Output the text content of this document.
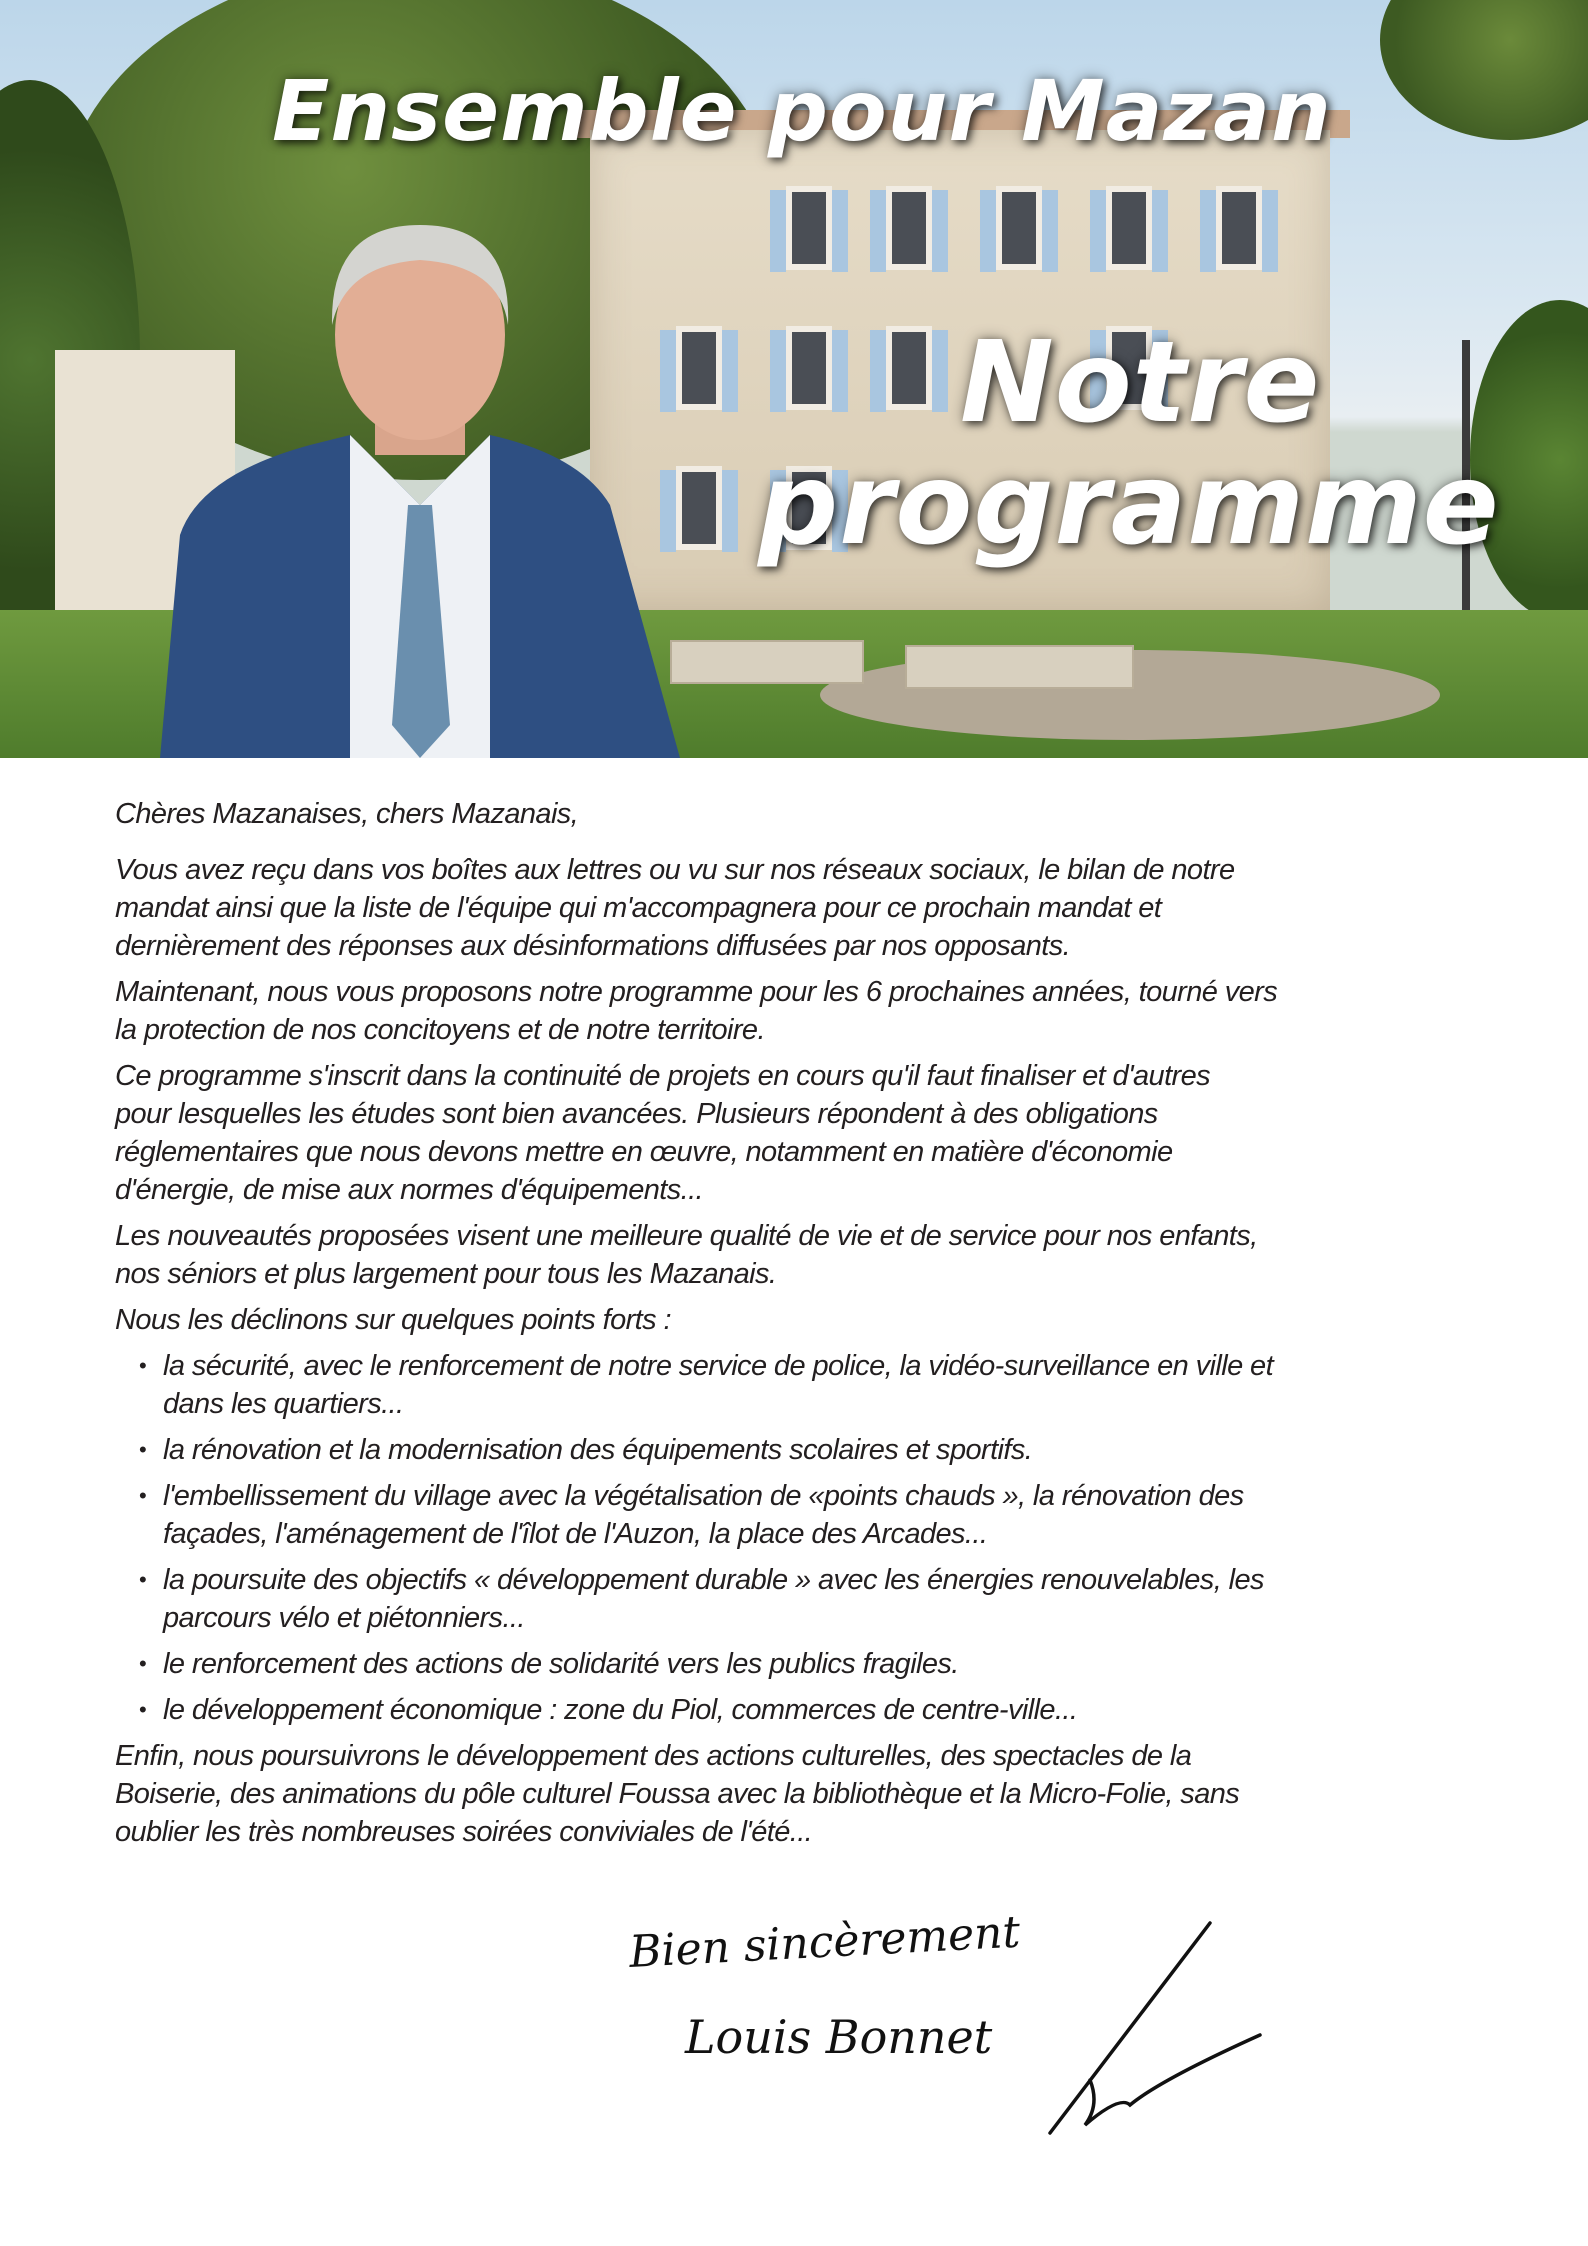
Ensemble pour Mazan
Notre
programme
Chères Mazanaises, chers Mazanais,
Vous avez reçu dans vos boîtes aux lettres ou vu sur nos réseaux sociaux, le bilan de notre
mandat ainsi que la liste de l'équipe qui m'accompagnera pour ce prochain mandat et
dernièrement des réponses aux désinformations diffusées par nos opposants.
Maintenant, nous vous proposons notre programme pour les 6 prochaines années, tourné vers
la protection de nos concitoyens et de notre territoire.
Ce programme s'inscrit dans la continuité de projets en cours qu'il faut finaliser et d'autres
pour lesquelles les études sont bien avancées. Plusieurs répondent à des obligations
réglementaires que nous devons mettre en œuvre, notamment en matière d'économie
d'énergie, de mise aux normes d'équipements...
Les nouveautés proposées visent une meilleure qualité de vie et de service pour nos enfants,
nos séniors et plus largement pour tous les Mazanais.
Nous les déclinons sur quelques points forts :
• la sécurité, avec le renforcement de notre service de police, la vidéo-surveillance en ville et
dans les quartiers...
• la rénovation et la modernisation des équipements scolaires et sportifs.
• l'embellissement du village avec la végétalisation de «points chauds », la rénovation des
façades, l'aménagement de l'îlot de l'Auzon, la place des Arcades...
• la poursuite des objectifs « développement durable » avec les énergies renouvelables, les
parcours vélo et piétonniers...
• le renforcement des actions de solidarité vers les publics fragiles.
• le développement économique : zone du Piol, commerces de centre-ville...
Enfin, nous poursuivrons le développement des actions culturelles, des spectacles de la
Boiserie, des animations du pôle culturel Foussa avec la bibliothèque et la Micro-Folie, sans
oublier les très nombreuses soirées conviviales de l'été...
Bien sincèrement
Louis Bonnet
